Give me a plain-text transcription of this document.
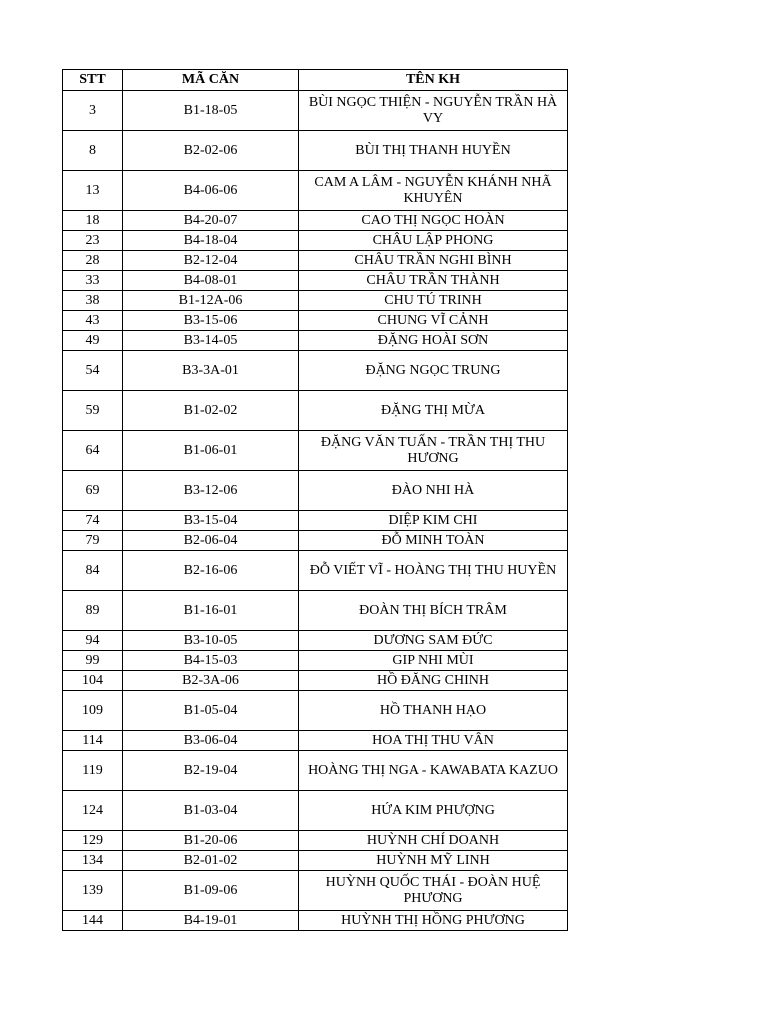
STT	MÃ CĂN	TÊN KH
3	B1-18-05	BÙI NGỌC THIỆN - NGUYỄN TRẦN HÀ VY
8	B2-02-06	BÙI THỊ THANH HUYỀN
13	B4-06-06	CAM A LÂM - NGUYỄN KHÁNH NHÃ KHUYÊN
18	B4-20-07	CAO THỊ NGỌC HOÀN
23	B4-18-04	CHÂU LẬP PHONG
28	B2-12-04	CHÂU TRẦN NGHI BÌNH
33	B4-08-01	CHÂU TRẦN THÀNH
38	B1-12A-06	CHU TÚ TRINH
43	B3-15-06	CHUNG VĨ CẢNH
49	B3-14-05	ĐẶNG HOÀI SƠN
54	B3-3A-01	ĐẶNG NGỌC TRUNG
59	B1-02-02	ĐẶNG THỊ MỪA
64	B1-06-01	ĐẶNG VĂN TUẤN - TRẦN THỊ THU HƯƠNG
69	B3-12-06	ĐÀO NHI HÀ
74	B3-15-04	DIỆP KIM CHI
79	B2-06-04	ĐỖ MINH TOÀN
84	B2-16-06	ĐỖ VIẾT VĨ - HOÀNG THỊ THU HUYỀN
89	B1-16-01	ĐOÀN THỊ BÍCH TRÂM
94	B3-10-05	DƯƠNG SAM ĐỨC
99	B4-15-03	GIP NHI MÙI
104	B2-3A-06	HỒ ĐĂNG CHINH
109	B1-05-04	HỒ THANH HẠO
114	B3-06-04	HOA THỊ THU VÂN
119	B2-19-04	HOÀNG THỊ NGA - KAWABATA KAZUO
124	B1-03-04	HỨA KIM PHƯỢNG
129	B1-20-06	HUỲNH CHÍ DOANH
134	B2-01-02	HUỲNH MỸ LINH
139	B1-09-06	HUỲNH QUỐC THÁI - ĐOÀN HUỆ PHƯƠNG
144	B4-19-01	HUỲNH THỊ HỒNG PHƯƠNG
